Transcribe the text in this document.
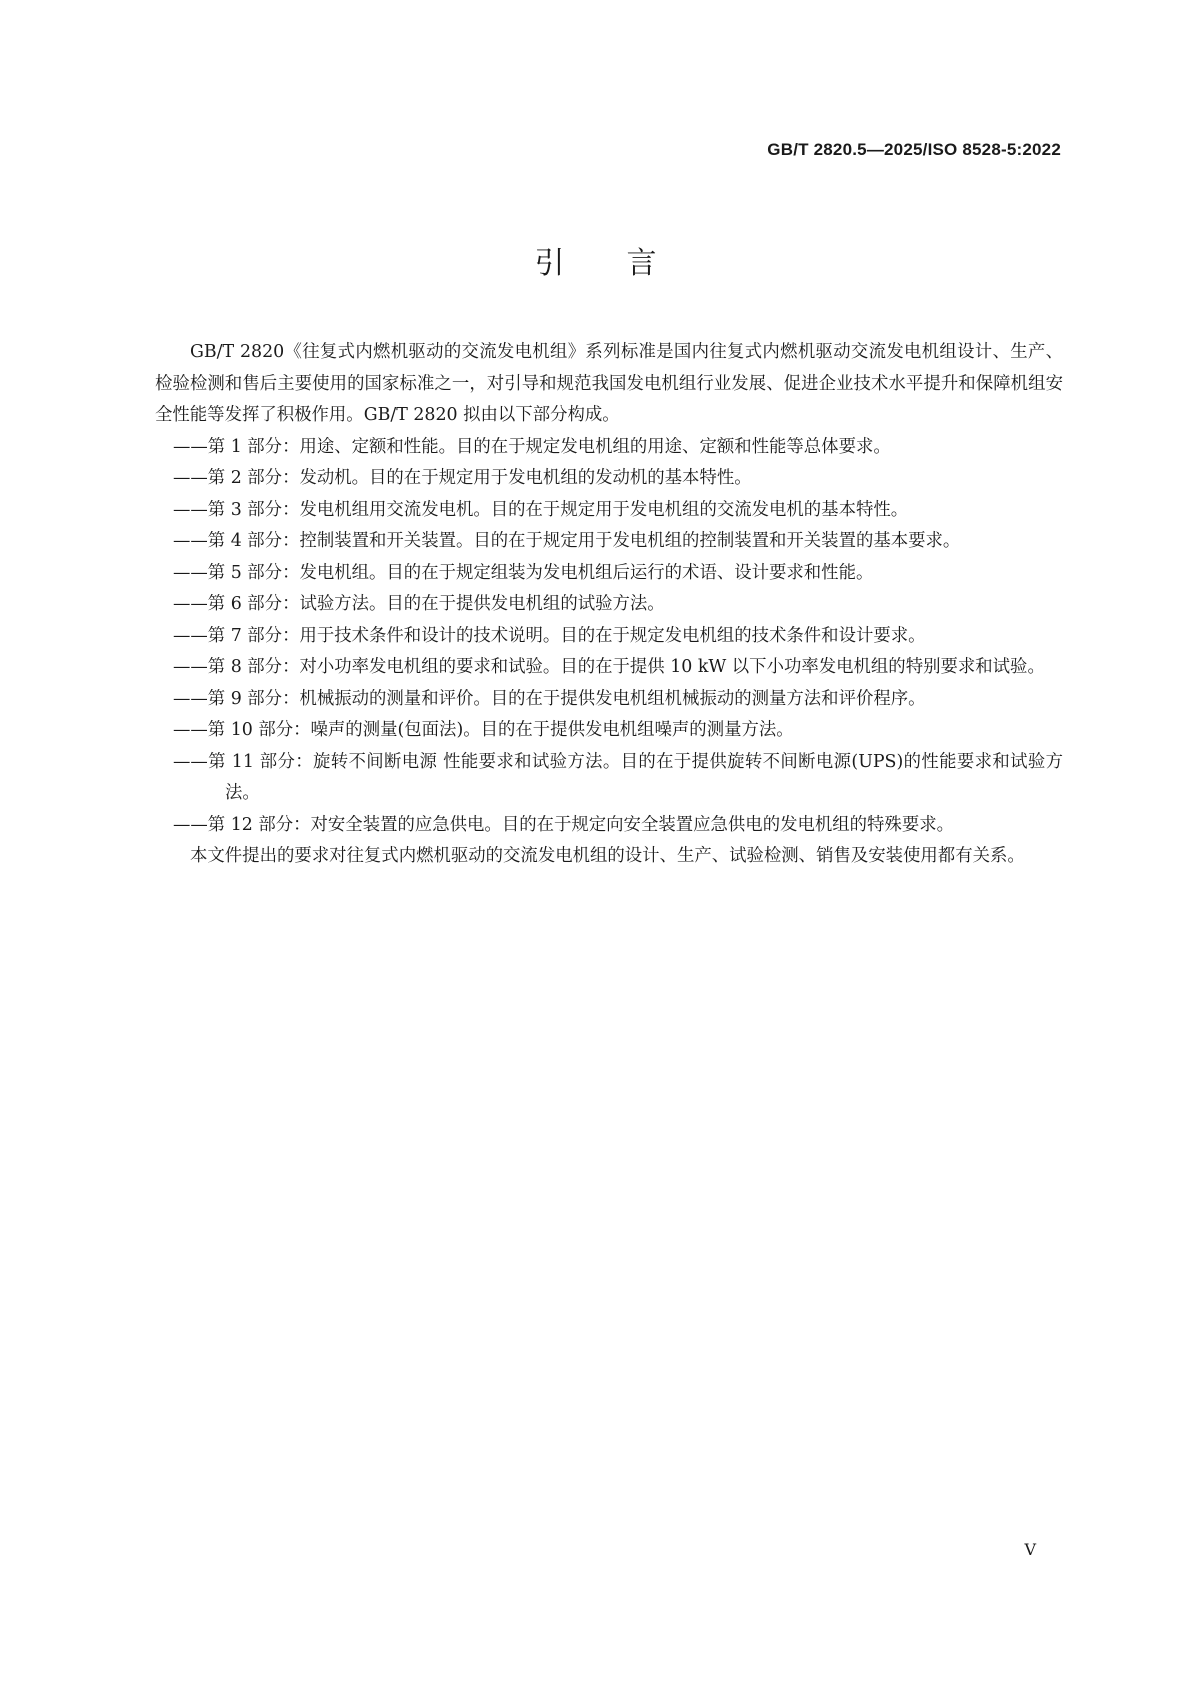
GB/T 2820.5—2025/ISO 8528-5:2022
引言

GB/T 2820《往复式内燃机驱动的交流发电机组》系列标准是国内往复式内燃机驱动交流发电机组设计、生产、检验检测和售后主要使用的国家标准之一，对引导和规范我国发电机组行业发展、促进企业技术水平提升和保障机组安全性能等发挥了积极作用。GB/T 2820 拟由以下部分构成。

——第 1 部分：用途、定额和性能。目的在于规定发电机组的用途、定额和性能等总体要求。

——第 2 部分：发动机。目的在于规定用于发电机组的发动机的基本特性。

——第 3 部分：发电机组用交流发电机。目的在于规定用于发电机组的交流发电机的基本特性。

——第 4 部分：控制装置和开关装置。目的在于规定用于发电机组的控制装置和开关装置的基本要求。

——第 5 部分：发电机组。目的在于规定组装为发电机组后运行的术语、设计要求和性能。

——第 6 部分：试验方法。目的在于提供发电机组的试验方法。

——第 7 部分：用于技术条件和设计的技术说明。目的在于规定发电机组的技术条件和设计要求。

——第 8 部分：对小功率发电机组的要求和试验。目的在于提供 10 kW 以下小功率发电机组的特别要求和试验。

——第 9 部分：机械振动的测量和评价。目的在于提供发电机组机械振动的测量方法和评价程序。

——第 10 部分：噪声的测量(包面法)。目的在于提供发电机组噪声的测量方法。

——第 11 部分：旋转不间断电源 性能要求和试验方法。目的在于提供旋转不间断电源(UPS)的性能要求和试验方法。

——第 12 部分：对安全装置的应急供电。目的在于规定向安全装置应急供电的发电机组的特殊要求。

本文件提出的要求对往复式内燃机驱动的交流发电机组的设计、生产、试验检测、销售及安装使用都有关系。

V
